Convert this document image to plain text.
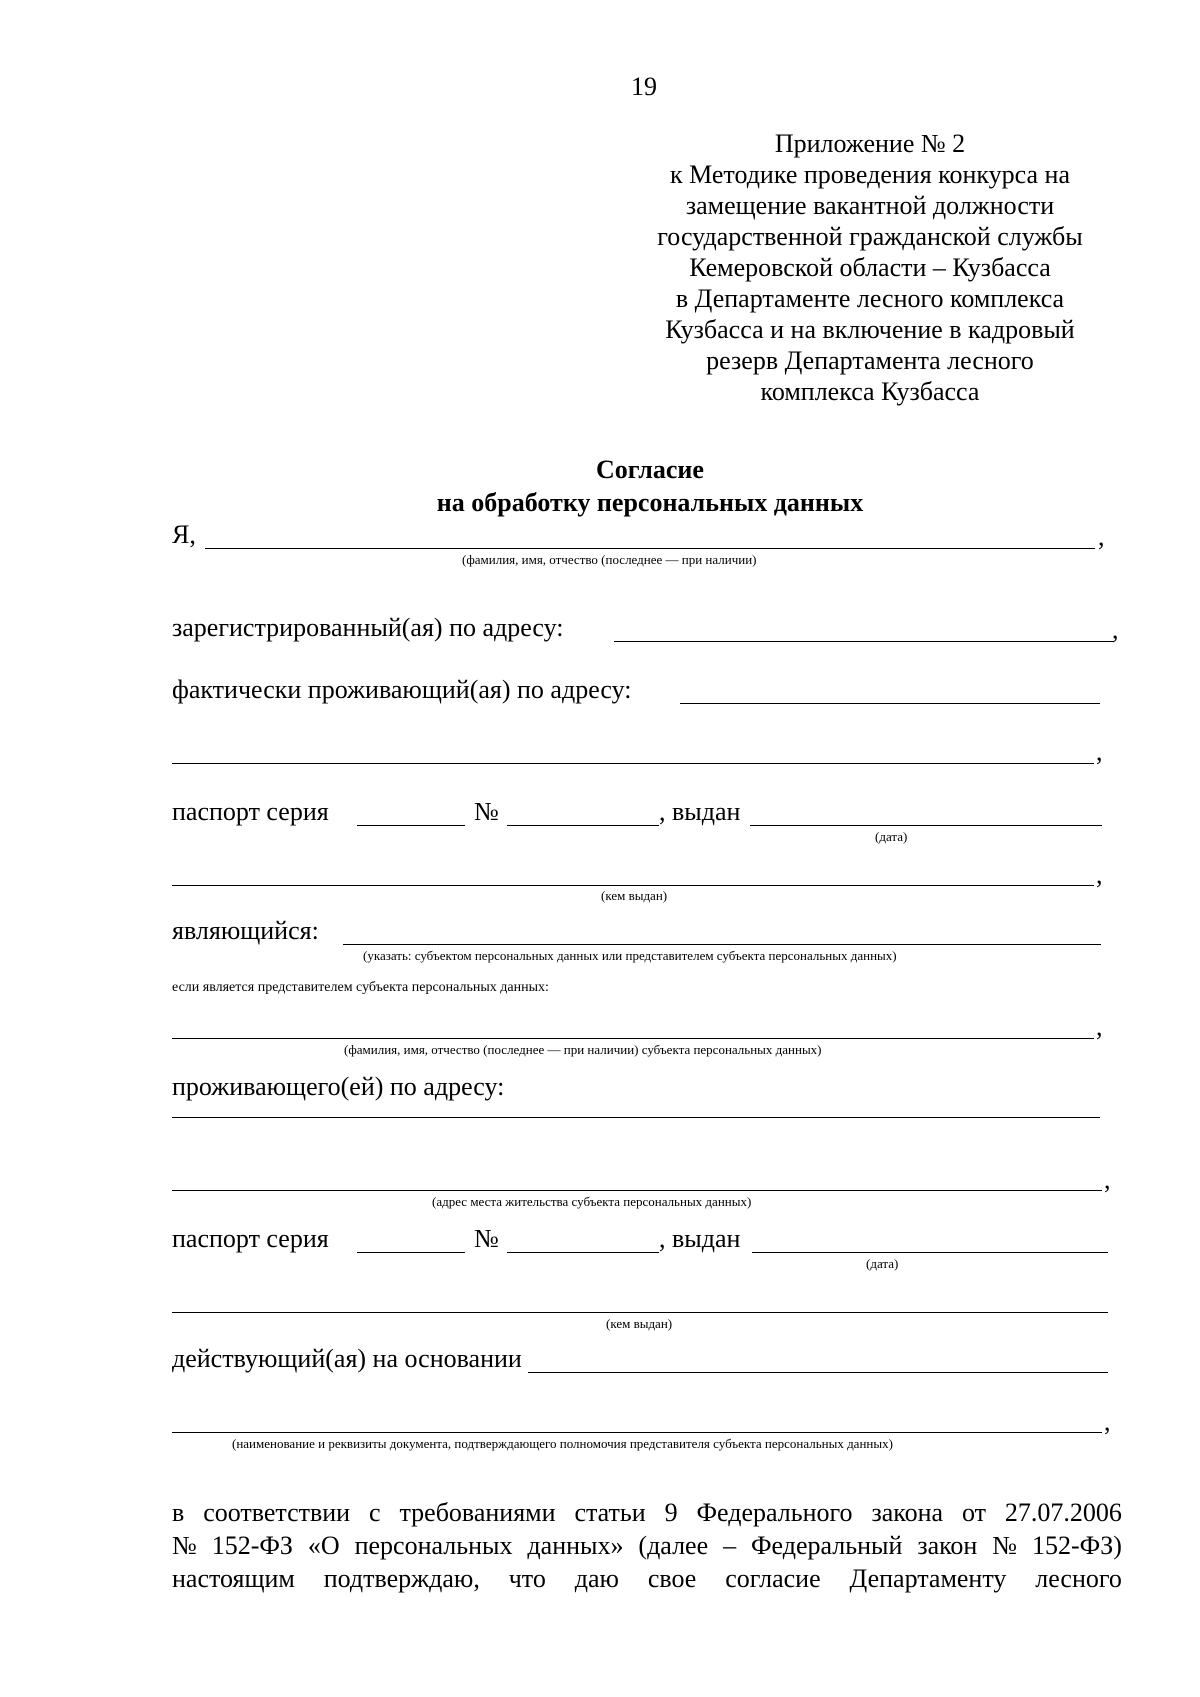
19
Приложение № 2
к Методике проведения конкурса на
замещение вакантной должности
государственной гражданской службы
Кемеровской области – Кузбасса
в Департаменте лесного комплекса
Кузбасса и на включение в кадровый
резерв Департамента лесного
комплекса Кузбасса
Согласие
на обработку персональных данных
Я,	,
(фамилия, имя, отчество (последнее — при наличии)
зарегистрированный(ая) по адресу:	,
фактически проживающий(ая) по адресу:
,
паспорт серия	№	, выдан
(дата)
,
(кем выдан)
являющийся:
(указать: субъектом персональных данных или представителем субъекта персональных данных)
если является представителем субъекта персональных данных:
,
(фамилия, имя, отчество (последнее — при наличии) субъекта персональных данных)
проживающего(ей) по адресу:
,
(адрес места жительства субъекта персональных данных)
паспорт серия	№	, выдан
(дата)
(кем выдан)
действующий(ая) на основании
,
(наименование и реквизиты документа, подтверждающего полномочия представителя субъекта персональных данных)
в соответствии с требованиями статьи 9 Федерального закона от 27.07.2006
№ 152-ФЗ «О персональных данных» (далее – Федеральный закон № 152-ФЗ)
настоящим подтверждаю, что даю свое согласие Департаменту лесного
